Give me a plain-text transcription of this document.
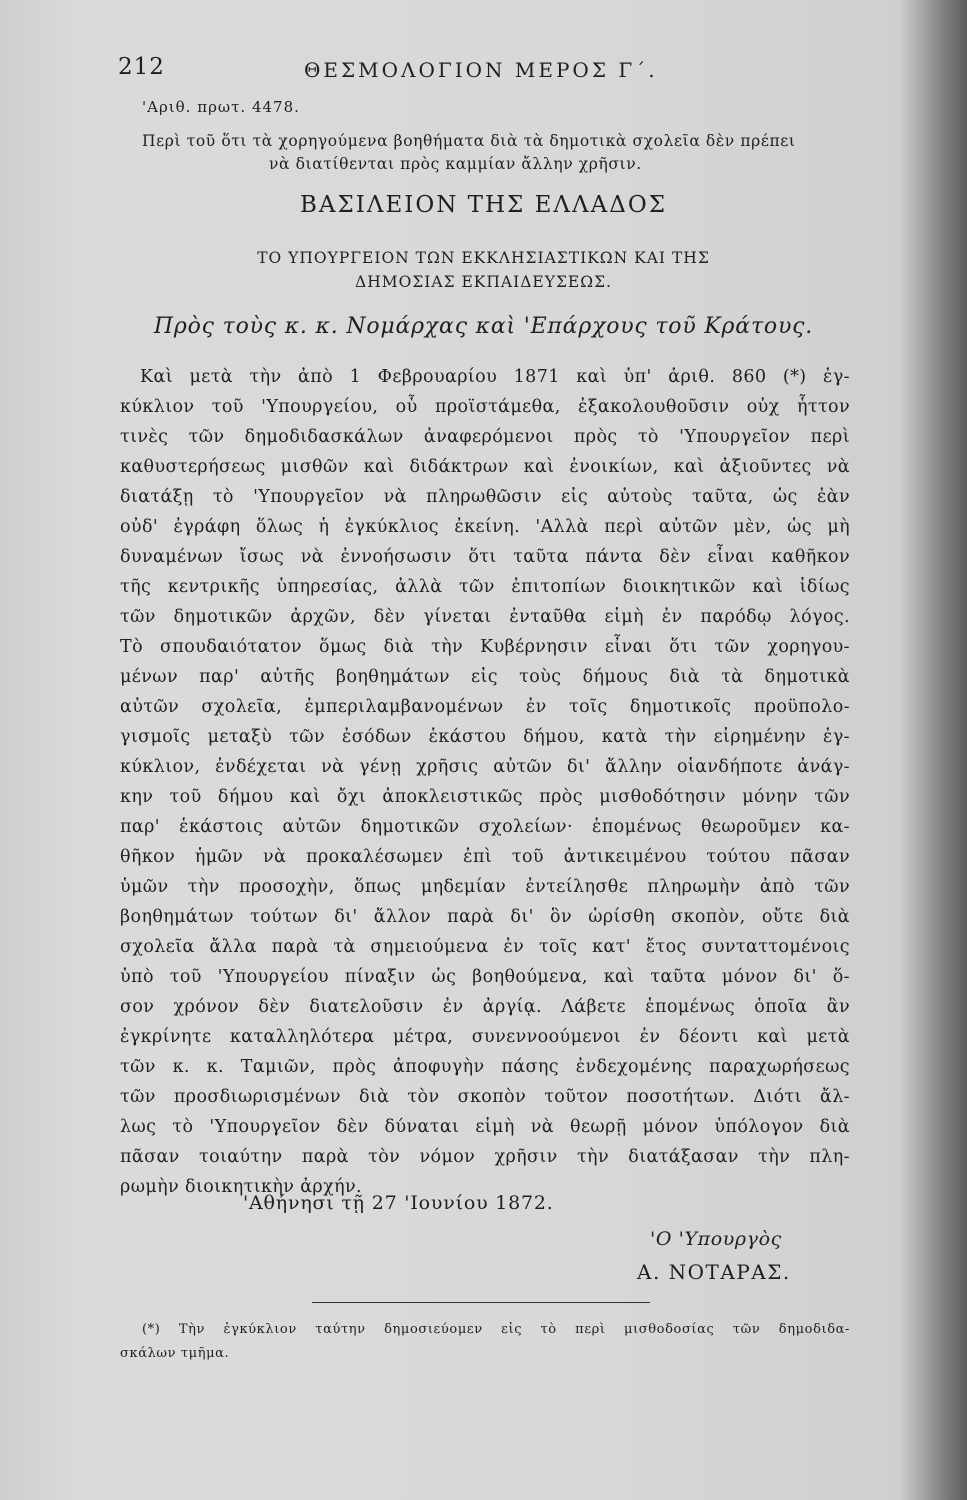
212	ΘΕΣΜΟΛΟΓΙΟΝ ΜΕΡΟΣ Γ΄.
'Αριθ. πρωτ. 4478.
Περὶ τοῦ ὅτι τὰ χορηγούμενα βοηθήματα διὰ τὰ δημοτικὰ σχολεῖα δὲν πρέπει
νὰ διατίθενται πρὸς καμμίαν ἄλλην χρῆσιν.
ΒΑΣΙΛΕΙΟΝ ΤΗΣ ΕΛΛΑΔΟΣ
ΤΟ ΥΠΟΥΡΓΕΙΟΝ ΤΩΝ ΕΚΚΛΗΣΙΑΣΤΙΚΩΝ ΚΑΙ ΤΗΣ
ΔΗΜΟΣΙΑΣ ΕΚΠΑΙΔΕΥΣΕΩΣ.
Πρὸς τοὺς κ. κ. Νομάρχας καὶ 'Επάρχους τοῦ Κράτους.
Καὶ μετὰ τὴν ἀπὸ 1 Φεβρουαρίου 1871 καὶ ὑπ' ἀριθ. 860 (*) ἐγ-
κύκλιον τοῦ 'Υπουργείου, οὗ προϊστάμεθα, ἐξακολουθοῦσιν οὐχ ἧττον
τινὲς τῶν δημοδιδασκάλων ἀναφερόμενοι πρὸς τὸ 'Υπουργεῖον περὶ
καθυστερήσεως μισθῶν καὶ διδάκτρων καὶ ἐνοικίων, καὶ ἀξιοῦντες νὰ
διατάξῃ τὸ 'Υπουργεῖον νὰ πληρωθῶσιν εἰς αὐτοὺς ταῦτα, ὡς ἐὰν
οὐδ' ἐγράφη ὅλως ἡ ἐγκύκλιος ἐκείνη. 'Αλλὰ περὶ αὐτῶν μὲν, ὡς μὴ
δυναμένων ἴσως νὰ ἐννοήσωσιν ὅτι ταῦτα πάντα δὲν εἶναι καθῆκον
τῆς κεντρικῆς ὑπηρεσίας, ἀλλὰ τῶν ἐπιτοπίων διοικητικῶν καὶ ἰδίως
τῶν δημοτικῶν ἀρχῶν, δὲν γίνεται ἐνταῦθα εἰμὴ ἐν παρόδῳ λόγος.
Τὸ σπουδαιότατον ὅμως διὰ τὴν Κυβέρνησιν εἶναι ὅτι τῶν χορηγου-
μένων παρ' αὐτῆς βοηθημάτων εἰς τοὺς δήμους διὰ τὰ δημοτικὰ
αὐτῶν σχολεῖα, ἐμπεριλαμβανομένων ἐν τοῖς δημοτικοῖς προϋπολο-
γισμοῖς μεταξὺ τῶν ἐσόδων ἑκάστου δήμου, κατὰ τὴν εἰρημένην ἐγ-
κύκλιον, ἐνδέχεται νὰ γένῃ χρῆσις αὐτῶν δι' ἄλλην οἱανδήποτε ἀνάγ-
κην τοῦ δήμου καὶ ὄχι ἀποκλειστικῶς πρὸς μισθοδότησιν μόνην τῶν
παρ' ἑκάστοις αὐτῶν δημοτικῶν σχολείων· ἑπομένως θεωροῦμεν κα-
θῆκον ἡμῶν νὰ προκαλέσωμεν ἐπὶ τοῦ ἀντικειμένου τούτου πᾶσαν
ὑμῶν τὴν προσοχὴν, ὅπως μηδεμίαν ἐντείλησθε πληρωμὴν ἀπὸ τῶν
βοηθημάτων τούτων δι' ἄλλον παρὰ δι' ὃν ὡρίσθη σκοπὸν, οὔτε διὰ
σχολεῖα ἄλλα παρὰ τὰ σημειούμενα ἐν τοῖς κατ' ἔτος συνταττομένοις
ὑπὸ τοῦ 'Υπουργείου πίναξιν ὡς βοηθούμενα, καὶ ταῦτα μόνον δι' ὅ-
σον χρόνον δὲν διατελοῦσιν ἐν ἀργίᾳ. Λάβετε ἑπομένως ὁποῖα ἂν
ἐγκρίνητε καταλληλότερα μέτρα, συνεννοούμενοι ἐν δέοντι καὶ μετὰ
τῶν κ. κ. Ταμιῶν, πρὸς ἀποφυγὴν πάσης ἐνδεχομένης παραχωρήσεως
τῶν προσδιωρισμένων διὰ τὸν σκοπὸν τοῦτον ποσοτήτων. Διότι ἄλ-
λως τὸ 'Υπουργεῖον δὲν δύναται εἰμὴ νὰ θεωρῇ μόνον ὑπόλογον διὰ
πᾶσαν τοιαύτην παρὰ τὸν νόμον χρῆσιν τὴν διατάξασαν τὴν πλη-
ρωμὴν διοικητικὴν ἀρχήν.
'Αθήνησι τῇ 27 'Ιουνίου 1872.
'Ο 'Υπουργὸς
Α. ΝΟΤΑΡΑΣ.
(*) Τὴν ἐγκύκλιον ταύτην δημοσιεύομεν εἰς τὸ περὶ μισθοδοσίας τῶν δημοδιδα-
σκάλων τμῆμα.
